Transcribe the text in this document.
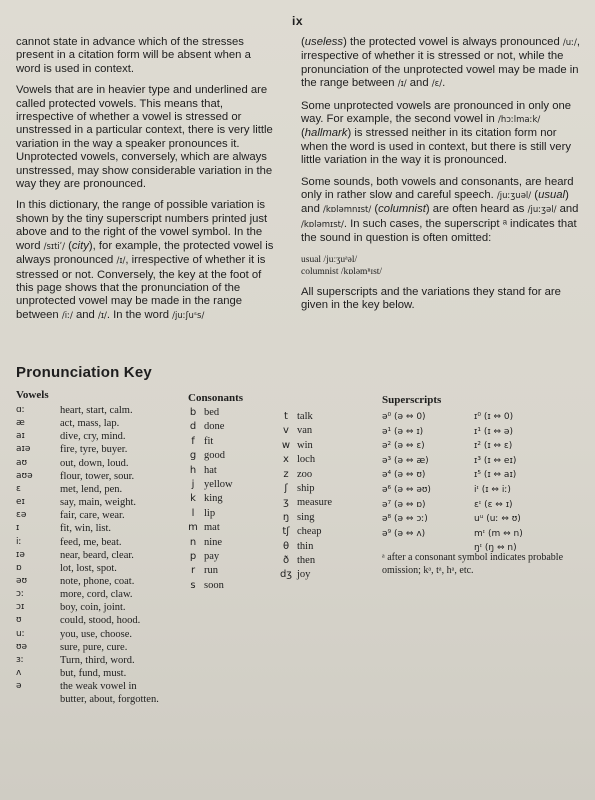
ix

cannot state in advance which of the stresses present in a citation form will be absent when a word is used in context.

Vowels that are in heavier type and underlined are called protected vowels. This means that, irrespective of whether a vowel is stressed or unstressed in a particular context, there is very little variation in the way a speaker pronounces it. Unprotected vowels, conversely, which are always unstressed, may show considerable variation in the way they are pronounced.

In this dictionary, the range of possible variation is shown by the tiny superscript numbers printed just above and to the right of the vowel symbol. In the word /sɪtiʹ/ (city), for example, the protected vowel is always pronounced /ɪ/, irrespective of whether it is stressed or not. Conversely, the key at the foot of this page shows that the pronunciation of the unprotected vowel may be made in the range between /iː/ and /ɪ/. In the word /juːʃuˢs/

(useless) the protected vowel is always pronounced /uː/, irrespective of whether it is stressed or not, while the pronunciation of the unprotected vowel may be made in the range between /ɪ/ and /ɛ/.

Some unprotected vowels are pronounced in only one way. For example, the second vowel in /hɔːlmaːk/ (hallmark) is stressed neither in its citation form nor when the word is used in context, but there is still very little variation in the way it is pronounced.

Some sounds, both vowels and consonants, are heard only in rather slow and careful speech. /juːʒuəl/ (usual) and /kɒləmnɪst/ (columnist) are often heard as /juːʒəl/ and /kɒləmɪst/. In such cases, the superscript ᵃ indicates that the sound in question is often omitted:

usual /juːʒuᵃəl/
columnist /kɒləmⁿɪst/

All superscripts and the variations they stand for are given in the key below.

Pronunciation Key
Vowels
ɑː	heart, start, calm.
æ	act, mass, lap.
aɪ	dive, cry, mind.
aɪə	fire, tyre, buyer.
aʊ	out, down, loud.
aʊə	flour, tower, sour.
ɛ	met, lend, pen.
eɪ	say, main, weight.
ɛə	fair, care, wear.
ɪ	fit, win, list.
iː	feed, me, beat.
ɪə	near, beard, clear.
ɒ	lot, lost, spot.
əʊ	note, phone, coat.
ɔː	more, cord, claw.
ɔɪ	boy, coin, joint.
ʊ	could, stood, hood.
uː	you, use, choose.
ʊə	sure, pure, cure.
ɜː	Turn, third, word.
ʌ	but, fund, must.
ə	the weak vowel in
butter, about, forgotten.
Consonants
b bed
d done
f fit
g good
h hat
j yellow
k king
l lip
m mat
n nine
p pay
r run
s soon
t talk
v van
w win
x loch
z zoo
ʃ ship
ʒ measure
ŋ sing
tʃ cheap
θ thin
ð then
dʒ joy
Superscripts
ə⁰ (ə ⇔ 0)
ə¹ (ə ⇔ ɪ)
ə² (ə ⇔ ɛ)
ə³ (ə ⇔ æ)
ə⁴ (ə ⇔ ʊ)
ə⁶ (ə ⇔ əʊ)
ə⁷ (ə ⇔ ɒ)
ə⁸ (ə ⇔ ɔː)
ə⁹ (ə ⇔ ʌ)
ɪ⁰ (ɪ ⇔ 0)
ɪ¹ (ɪ ⇔ ə)
ɪ² (ɪ ⇔ ɛ)
ɪ³ (ɪ ⇔ eɪ)
ɪ⁵ (ɪ ⇔ aɪ)
iᶦ (ɪ ⇔ iː)
ɛᶦ (ɛ ⇔ ɪ)
uᵘ (uː ⇔ ʊ)
mᶦ (m ⇔ n)
ŋᶦ (ŋ ⇔ n)
ᵃ after a consonant symbol indicates probable omission; kᵃ, tᵃ, hᵃ, etc.
